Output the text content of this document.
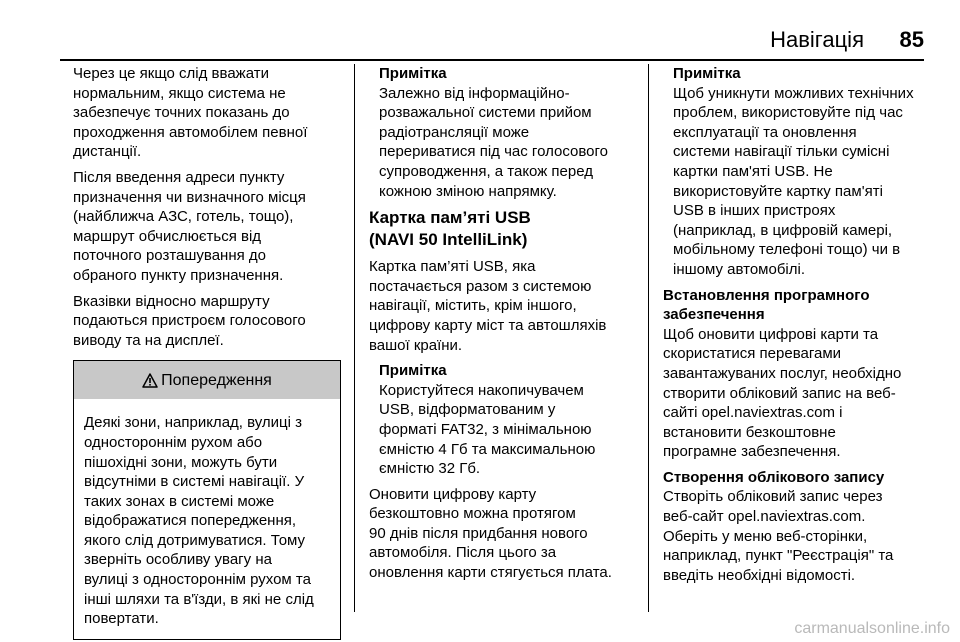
Навігація 85

Через це якщо слід вважати
нормальним, якщо система не
забезпечує точних показань до
проходження автомобілем певної
дистанції.

Після введення адреси пункту
призначення чи визначного місця
(найближча АЗС, готель, тощо),
маршрут обчислюється від
поточного розташування до
обраного пункту призначення.

Вказівки відносно маршруту
подаються пристроєм голосового
виводу та на дисплеї.

Попередження
Деякі зони, наприклад, вулиці з
одностороннім рухом або
пішохідні зони, можуть бути
відсутніми в системі навігації. У
таких зонах в системі може
відображатися попередження,
якого слід дотримуватися. Тому
зверніть особливу увагу на
вулиці з одностороннім рухом та
інші шляхи та в'їзди, в які не слід
повертати.
Примітка

Залежно від інформаційно-
розважальної системи прийом
радіотрансляції може
перериватися під час голосового
супроводження, а також перед
кожною зміною напрямку.

Картка пам’яті USB
(NAVI 50 IntelliLink)

Картка пам’яті USB, яка
постачається разом з системою
навігації, містить, крім іншого,
цифрову карту міст та автошляхів
вашої країни.

Примітка

Користуйтеся накопичувачем
USB, відформатованим у
форматі FAT32, з мінімальною
ємністю 4 Гб та максимальною
ємністю 32 Гб.

Оновити цифрову карту
безкоштовно можна протягом
90 днів після придбання нового
автомобіля. Після цього за
оновлення карти стягується плата.

Примітка

Щоб уникнути можливих технічних
проблем, використовуйте під час
експлуатації та оновлення
системи навігації тільки сумісні
картки пам'яті USB. Не
використовуйте картку пам'яті
USB в інших пристроях
(наприклад, в цифровій камері,
мобільному телефоні тощо) чи в
іншому автомобілі.

Встановлення програмного
забезпечення

Щоб оновити цифрові карти та
скористатися перевагами
завантажуваних послуг, необхідно
створити обліковий запис на веб-
сайті opel.naviextras.com і
встановити безкоштовне
програмне забезпечення.

Створення облікового запису

Створіть обліковий запис через
веб-сайт opel.naviextras.com.
Оберіть у меню веб-сторінки,
наприклад, пункт "Реєстрація" та
введіть необхідні відомості.

carmanualsonline.info
